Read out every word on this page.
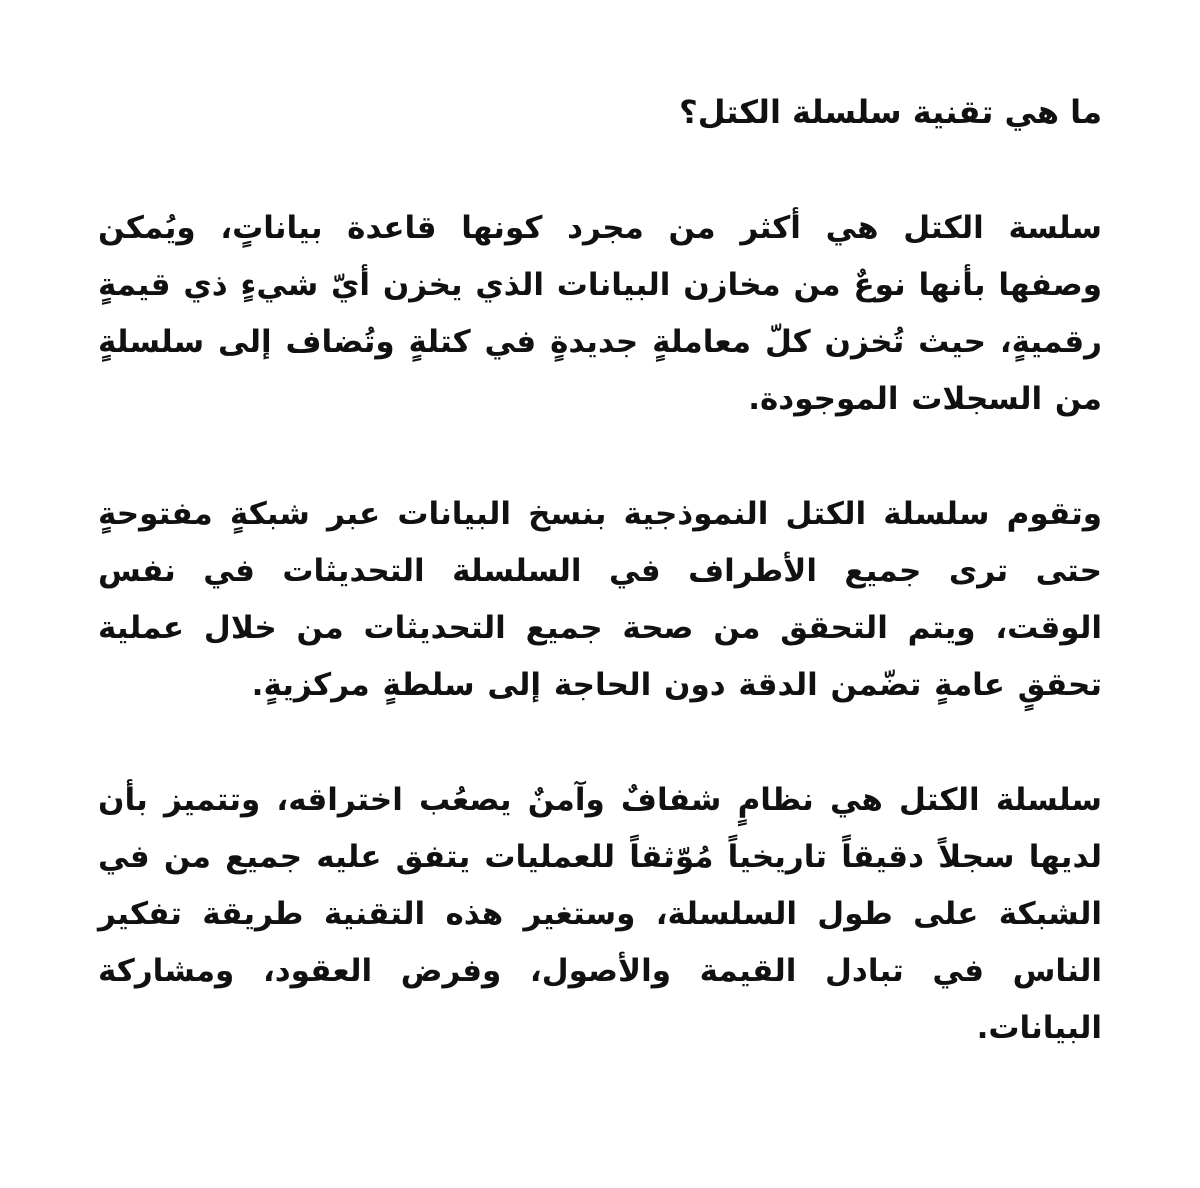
ما هي تقنية سلسلة الكتل؟

سلسة الكتل هي أكثر من مجرد كونها قاعدة بياناتٍ، ويُمكن وصفها بأنها نوعٌ من مخازن البيانات الذي يخزن أيّ شيءٍ ذي قيمةٍ رقميةٍ، حيث تُخزن كلّ معاملةٍ جديدةٍ في كتلةٍ وتُضاف إلى سلسلةٍ من السجلات الموجودة.

وتقوم سلسلة الكتل النموذجية بنسخ البيانات عبر شبكةٍ مفتوحةٍ حتى ترى جميع الأطراف في السلسلة التحديثات في نفس الوقت، ويتم التحقق من صحة جميع التحديثات من خلال عملية تحققٍ عامةٍ تضّمن الدقة دون الحاجة إلى سلطةٍ مركزيةٍ.

سلسلة الكتل هي نظامٍ شفافٌ وآمنٌ يصعُب اختراقه، وتتميز بأن لديها سجلاً دقيقاً تاريخياً مُوّثقاً للعمليات يتفق عليه جميع من في الشبكة على طول السلسلة، وستغير هذه التقنية طريقة تفكير الناس في تبادل القيمة والأصول، وفرض العقود، ومشاركة البيانات.
